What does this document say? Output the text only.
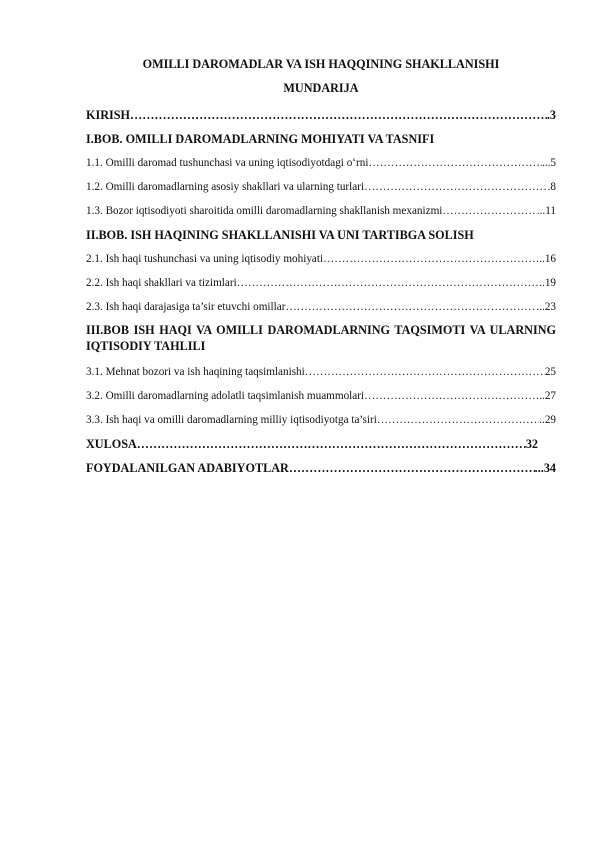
OMILLI DAROMADLAR VA ISH HAQQINING SHAKLLANISHI
MUNDARIJA
KIRISH ……………………………………………………………………………………………………………………………………………………	.3
I.BOB. OMILLI DAROMADLARNING MOHIYATI VA TASNIFI
1.1. Omilli daromad tushunchasi va uning iqtisodiyotdagi o‘rni ……………………………………………………………………………………………………………………………………………………	...5
1.2. Omilli daromadlarning asosiy shakllari va ularning turlari ……………………………………………………………………………………………………………………………………………………	.8
1.3. Bozor iqtisodiyoti sharoitida omilli daromadlarning shakllanish mexanizmi ……………………………………………………………………………………………………………………………………………………	...11
II.BOB. ISH HAQINING SHAKLLANISHI VA UNI TARTIBGA SOLISH
2.1. Ish haqi tushunchasi va uning iqtisodiy mohiyati ……………………………………………………………………………………………………………………………………………………	..16
2.2. Ish haqi shakllari va tizimlari ……………………………………………………………………………………………………………………………………………………	.19
2.3. Ish haqi darajasiga ta’sir etuvchi omillar ……………………………………………………………………………………………………………………………………………………	...23
III.BOB ISH HAQI VA OMILLI DAROMADLARNING TAQSIMOTI VA ULARNING IQTISODIY TAHLILI
3.1. Mehnat bozori va ish haqining taqsimlanishi ……………………………………………………………………………………………………………………………………………………	25
3.2. Omilli daromadlarning adolatli taqsimlanish muammolari ……………………………………………………………………………………………………………………………………………………	..27
3.3. Ish haqi va omilli daromadlarning milliy iqtisodiyotga ta’siri ……………………………………………………………………………………………………………………………………………………	..29
XULOSA ……………………………………………………………………………………………………………………………………………………	32
FOYDALANILGAN ADABIYOTLAR ……………………………………………………………………………………………………………………………………………………	...34
